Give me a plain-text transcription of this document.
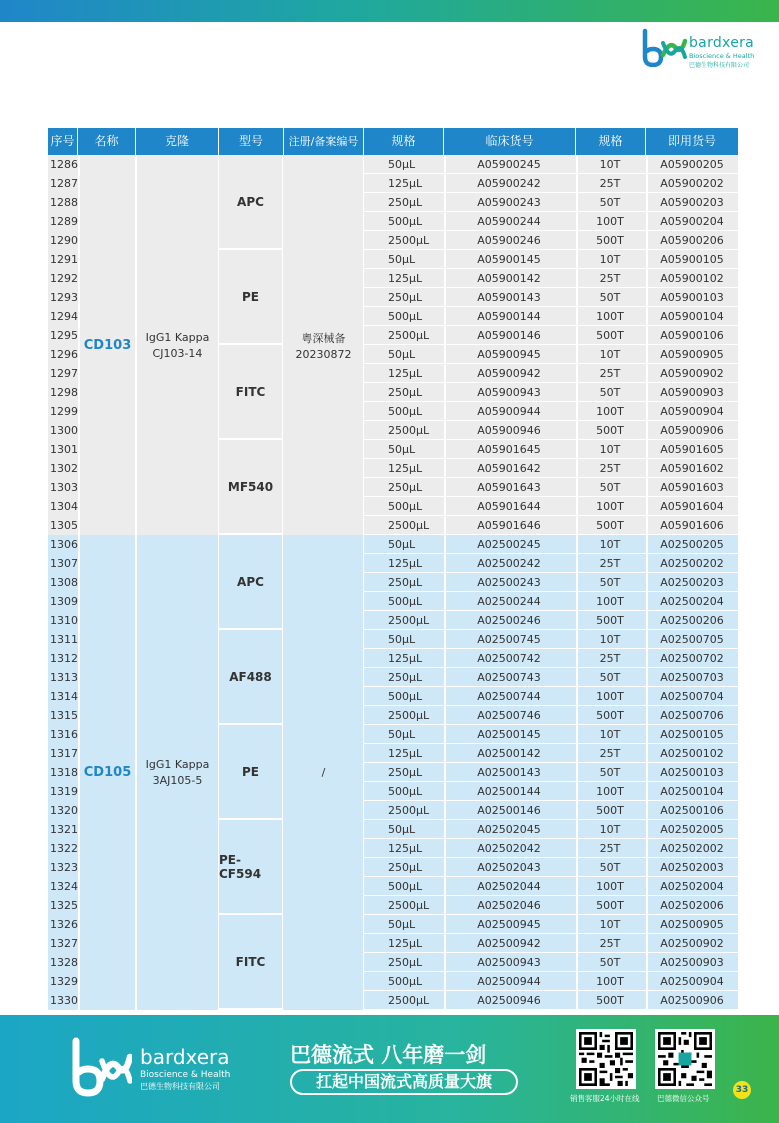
bardxera
Bioscience & Health
巴德生物科技有限公司
序号	名称	克隆	型号	注册/备案编号	规格	临床货号	规格	即用货号
CD103
IgG1 Kappa
CJ103-14
粤深械备
20230872
APC
1286	50μL	A05900245	10T	A05900205
1287	125μL	A05900242	25T	A05900202
1288	250μL	A05900243	50T	A05900203
1289	500μL	A05900244	100T	A05900204
1290	2500μL	A05900246	500T	A05900206
PE
1291	50μL	A05900145	10T	A05900105
1292	125μL	A05900142	25T	A05900102
1293	250μL	A05900143	50T	A05900103
1294	500μL	A05900144	100T	A05900104
1295	2500μL	A05900146	500T	A05900106
FITC
1296	50μL	A05900945	10T	A05900905
1297	125μL	A05900942	25T	A05900902
1298	250μL	A05900943	50T	A05900903
1299	500μL	A05900944	100T	A05900904
1300	2500μL	A05900946	500T	A05900906
MF540
1301	50μL	A05901645	10T	A05901605
1302	125μL	A05901642	25T	A05901602
1303	250μL	A05901643	50T	A05901603
1304	500μL	A05901644	100T	A05901604
1305	2500μL	A05901646	500T	A05901606
CD105
IgG1 Kappa
3AJ105-5
/
APC
1306	50μL	A02500245	10T	A02500205
1307	125μL	A02500242	25T	A02500202
1308	250μL	A02500243	50T	A02500203
1309	500μL	A02500244	100T	A02500204
1310	2500μL	A02500246	500T	A02500206
AF488
1311	50μL	A02500745	10T	A02500705
1312	125μL	A02500742	25T	A02500702
1313	250μL	A02500743	50T	A02500703
1314	500μL	A02500744	100T	A02500704
1315	2500μL	A02500746	500T	A02500706
PE
1316	50μL	A02500145	10T	A02500105
1317	125μL	A02500142	25T	A02500102
1318	250μL	A02500143	50T	A02500103
1319	500μL	A02500144	100T	A02500104
1320	2500μL	A02500146	500T	A02500106
PE-CF594
1321	50μL	A02502045	10T	A02502005
1322	125μL	A02502042	25T	A02502002
1323	250μL	A02502043	50T	A02502003
1324	500μL	A02502044	100T	A02502004
1325	2500μL	A02502046	500T	A02502006
FITC
1326	50μL	A02500945	10T	A02500905
1327	125μL	A02500942	25T	A02500902
1328	250μL	A02500943	50T	A02500903
1329	500μL	A02500944	100T	A02500904
1330	2500μL	A02500946	500T	A02500906
bardxera
Bioscience & Health
巴德生物科技有限公司
巴德流式 八年磨一剑
扛起中国流式高质量大旗
销售客服24小时在线 巴德微信公众号
33
